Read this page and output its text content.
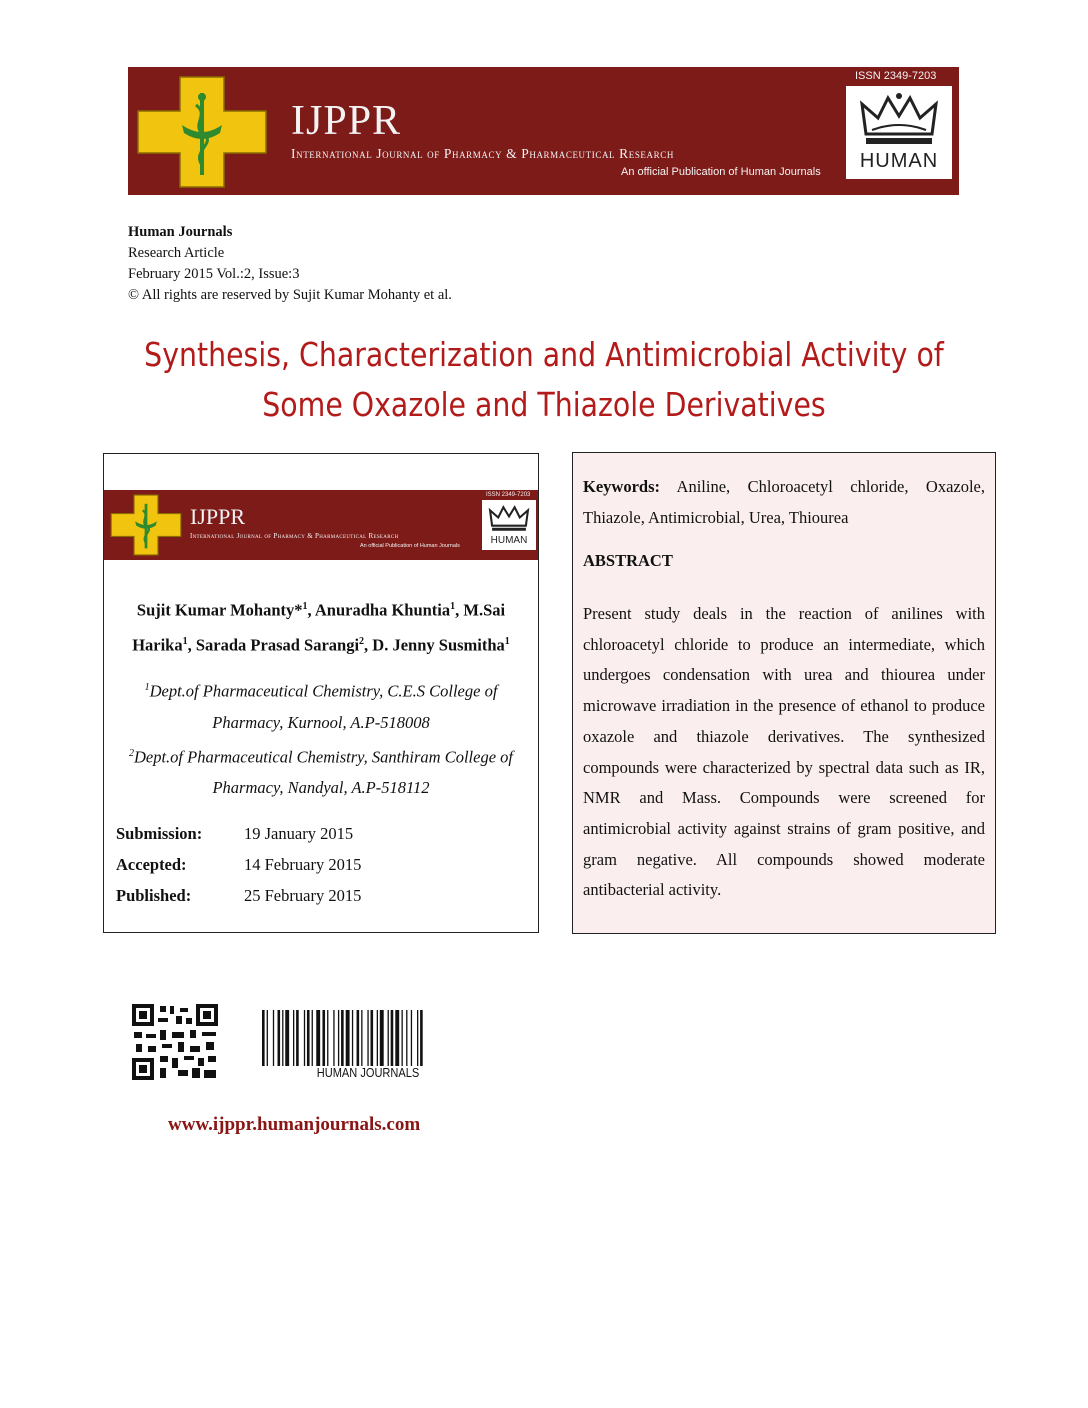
IJPPR
International Journal of Pharmacy & Pharmaceutical Research
An official Publication of Human Journals
ISSN 2349-7203
HUMAN
Human Journals
Research Article
February 2015 Vol.:2, Issue:3
© All rights are reserved by Sujit Kumar Mohanty et al.
Synthesis, Characterization and Antimicrobial Activity of
Some Oxazole and Thiazole Derivatives
IJPPR
International Journal of Pharmacy & Pharmaceutical Research
An official Publication of Human Journals
ISSN 2349-7203
HUMAN
Sujit Kumar Mohanty*$^1$, Anuradha Khuntia$^1$, M.Sai Harika$^1$, Sarada Prasad Sarangi$^2$, D. Jenny Susmitha$^1$
$^1$Dept.of Pharmaceutical Chemistry, C.E.S College of Pharmacy, Kurnool, A.P-518008
$^2$Dept.of Pharmaceutical Chemistry, Santhiram College of Pharmacy, Nandyal, A.P-518112
Submission:	19 January 2015
Accepted:	14 February 2015
Published:	25 February 2015
Keywords: Aniline, Chloroacetyl chloride, Oxazole, Thiazole, Antimicrobial, Urea, Thiourea
ABSTRACT
Present study deals in the reaction of anilines with chloroacetyl chloride to produce an intermediate, which undergoes condensation with urea and thiourea under microwave irradiation in the presence of ethanol to produce oxazole and thiazole derivatives. The synthesized compounds were characterized by spectral data such as IR, NMR and Mass. Compounds were screened for antimicrobial activity against strains of gram positive, and gram negative. All compounds showed moderate antibacterial activity.
HUMAN JOURNALS
www.ijppr.humanjournals.com
